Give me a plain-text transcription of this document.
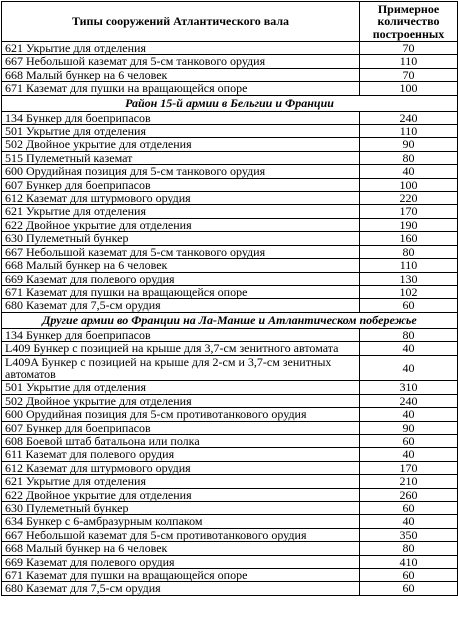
Типы сооружений Атлантического вала	Примерное количество построенных
621 Укрытие для отделения	70
667 Небольшой каземат для 5-см танкового орудия	110
668 Малый бункер на 6 человек	70
671 Каземат для пушки на вращающейся опоре	100
Район 15-й армии в Бельгии и Франции	
134 Бункер для боеприпасов	240
501 Укрытие для отделения	110
502 Двойное укрытие для отделения	90
515 Пулеметный каземат	80
600 Орудийная позиция для 5-см танкового орудия	40
607 Бункер для боеприпасов	100
612 Каземат для штурмового орудия	220
621 Укрытие для отделения	170
622 Двойное укрытие для отделения	190
630 Пулеметный бункер	160
667 Небольшой каземат для 5-см танкового орудия	80
668 Малый бункер на 6 человек	110
669 Каземат для полевого орудия	130
671 Каземат для пушки на вращающейся опоре	102
680 Каземат для 7,5-см орудия	60
Другие армии во Франции на Ла-Манше и Атлантическом побережье	
134 Бункер для боеприпасов	80
L409 Бункер с позицией на крыше для 3,7-см зенитного автомата	40
L409A Бункер с позицией на крыше для 2-см и 3,7-см зенитных автоматов	40
501 Укрытие для отделения	310
502 Двойное укрытие для отделения	240
600 Орудийная позиция для 5-см противотанкового орудия	40
607 Бункер для боеприпасов	90
608 Боевой штаб батальона или полка	60
611 Каземат для полевого орудия	40
612 Каземат для штурмового орудия	170
621 Укрытие для отделения	210
622 Двойное укрытие для отделения	260
630 Пулеметный бункер	60
634 Бункер с 6-амбразурным колпаком	40
667 Небольшой каземат для 5-см противотанкового орудия	350
668 Малый бункер на 6 человек	80
669 Каземат для полевого орудия	410
671 Каземат для пушки на вращающейся опоре	60
680 Каземат для 7,5-см орудия	60
